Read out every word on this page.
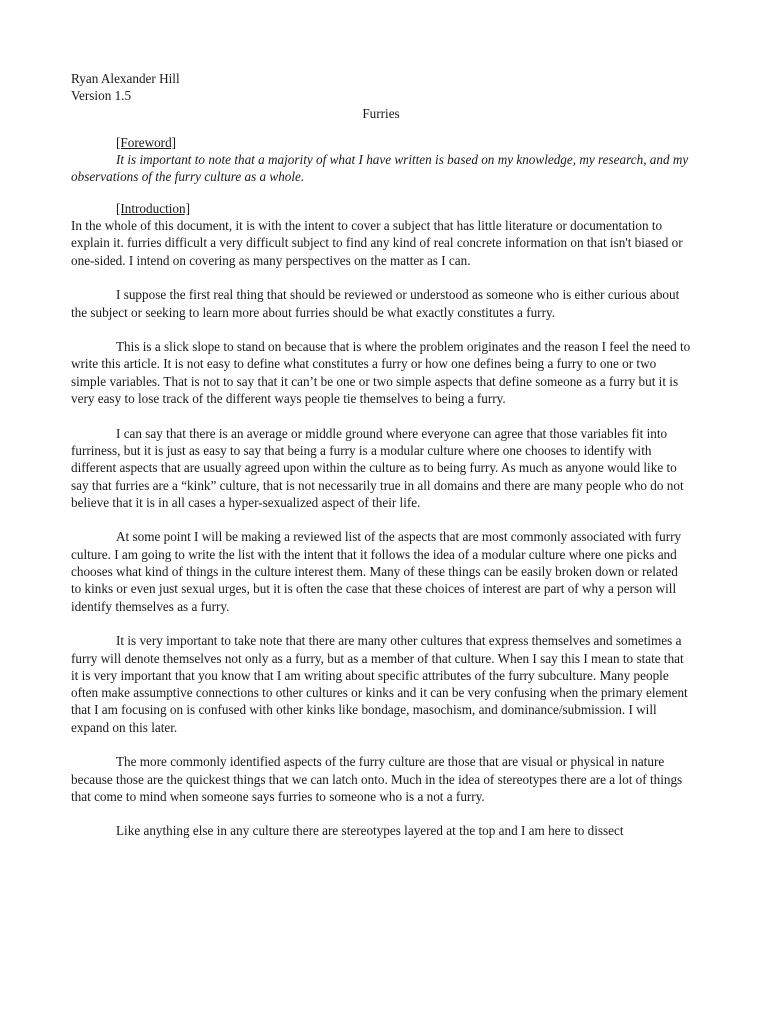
Ryan Alexander Hill
Version 1.5
Furries
[Foreword]
It is important to note that a majority of what I have written is based on my knowledge, my research, and my observations of the furry culture as a whole.
[Introduction]

In the whole of this document, it is with the intent to cover a subject that has little literature or documentation to explain it. furries difficult a very difficult subject to find any kind of real concrete information on that isn't biased or one-sided. I intend on covering as many perspectives on the matter as I can.

I suppose the first real thing that should be reviewed or understood as someone who is either curious about the subject or seeking to learn more about furries should be what exactly constitutes a furry.

This is a slick slope to stand on because that is where the problem originates and the reason I feel the need to write this article. It is not easy to define what constitutes a furry or how one defines being a furry to one or two simple variables. That is not to say that it can’t be one or two simple aspects that define someone as a furry but it is very easy to lose track of the different ways people tie themselves to being a furry.

I can say that there is an average or middle ground where everyone can agree that those variables fit into furriness, but it is just as easy to say that being a furry is a modular culture where one chooses to identify with different aspects that are usually agreed upon within the culture as to being furry. As much as anyone would like to say that furries are a “kink” culture, that is not necessarily true in all domains and there are many people who do not believe that it is in all cases a hyper-sexualized aspect of their life.

At some point I will be making a reviewed list of the aspects that are most commonly associated with furry culture. I am going to write the list with the intent that it follows the idea of a modular culture where one picks and chooses what kind of things in the culture interest them. Many of these things can be easily broken down or related to kinks or even just sexual urges, but it is often the case that these choices of interest are part of why a person will identify themselves as a furry.

It is very important to take note that there are many other cultures that express themselves and sometimes a furry will denote themselves not only as a furry, but as a member of that culture. When I say this I mean to state that it is very important that you know that I am writing about specific attributes of the furry subculture. Many people often make assumptive connections to other cultures or kinks and it can be very confusing when the primary element that I am focusing on is confused with other kinks like bondage, masochism, and dominance/submission. I will expand on this later.

The more commonly identified aspects of the furry culture are those that are visual or physical in nature because those are the quickest things that we can latch onto. Much in the idea of stereotypes there are a lot of things that come to mind when someone says furries to someone who is a not a furry.

Like anything else in any culture there are stereotypes layered at the top and I am here to dissect
